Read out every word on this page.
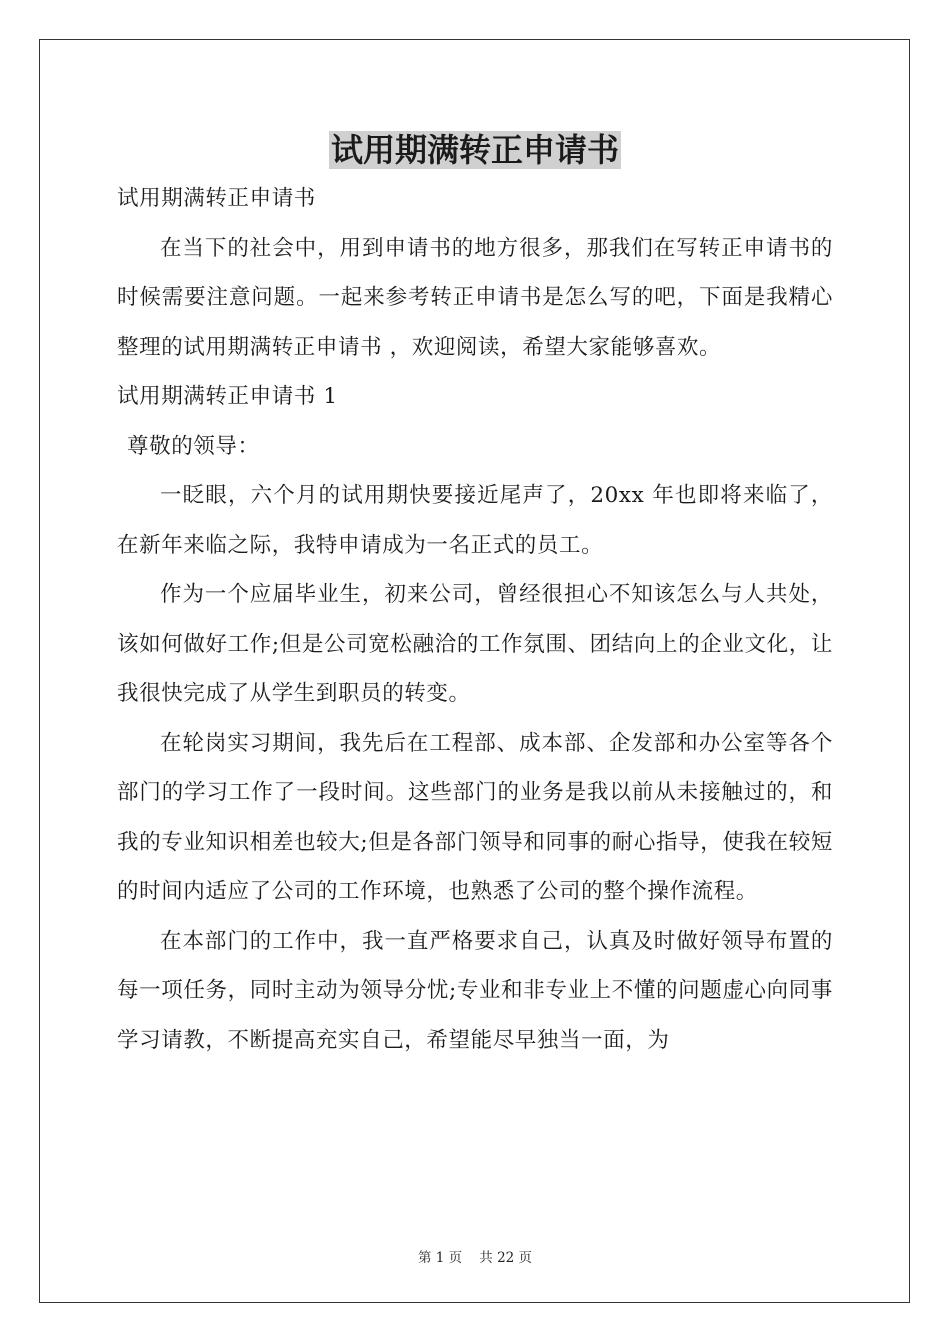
试用期满转正申请书

试用期满转正申请书

在当下的社会中，用到申请书的地方很多，那我们在写转正申请书的时候需要注意问题。一起来参考转正申请书是怎么写的吧，下面是我精心整理的试用期满转正申请书 ，欢迎阅读，希望大家能够喜欢。

试用期满转正申请书 1

尊敬的领导：

一眨眼，六个月的试用期快要接近尾声了，20xx 年也即将来临了，在新年来临之际，我特申请成为一名正式的员工。

作为一个应届毕业生，初来公司，曾经很担心不知该怎么与人共处，该如何做好工作;但是公司宽松融洽的工作氛围、团结向上的企业文化，让我很快完成了从学生到职员的转变。

在轮岗实习期间，我先后在工程部、成本部、企发部和办公室等各个部门的学习工作了一段时间。这些部门的业务是我以前从未接触过的，和我的专业知识相差也较大;但是各部门领导和同事的耐心指导，使我在较短的时间内适应了公司的工作环境，也熟悉了公司的整个操作流程。

在本部门的工作中，我一直严格要求自己，认真及时做好领导布置的每一项任务，同时主动为领导分忧;专业和非专业上不懂的问题虚心向同事学习请教，不断提高充实自己，希望能尽早独当一面，为

第 1 页    共 22 页
